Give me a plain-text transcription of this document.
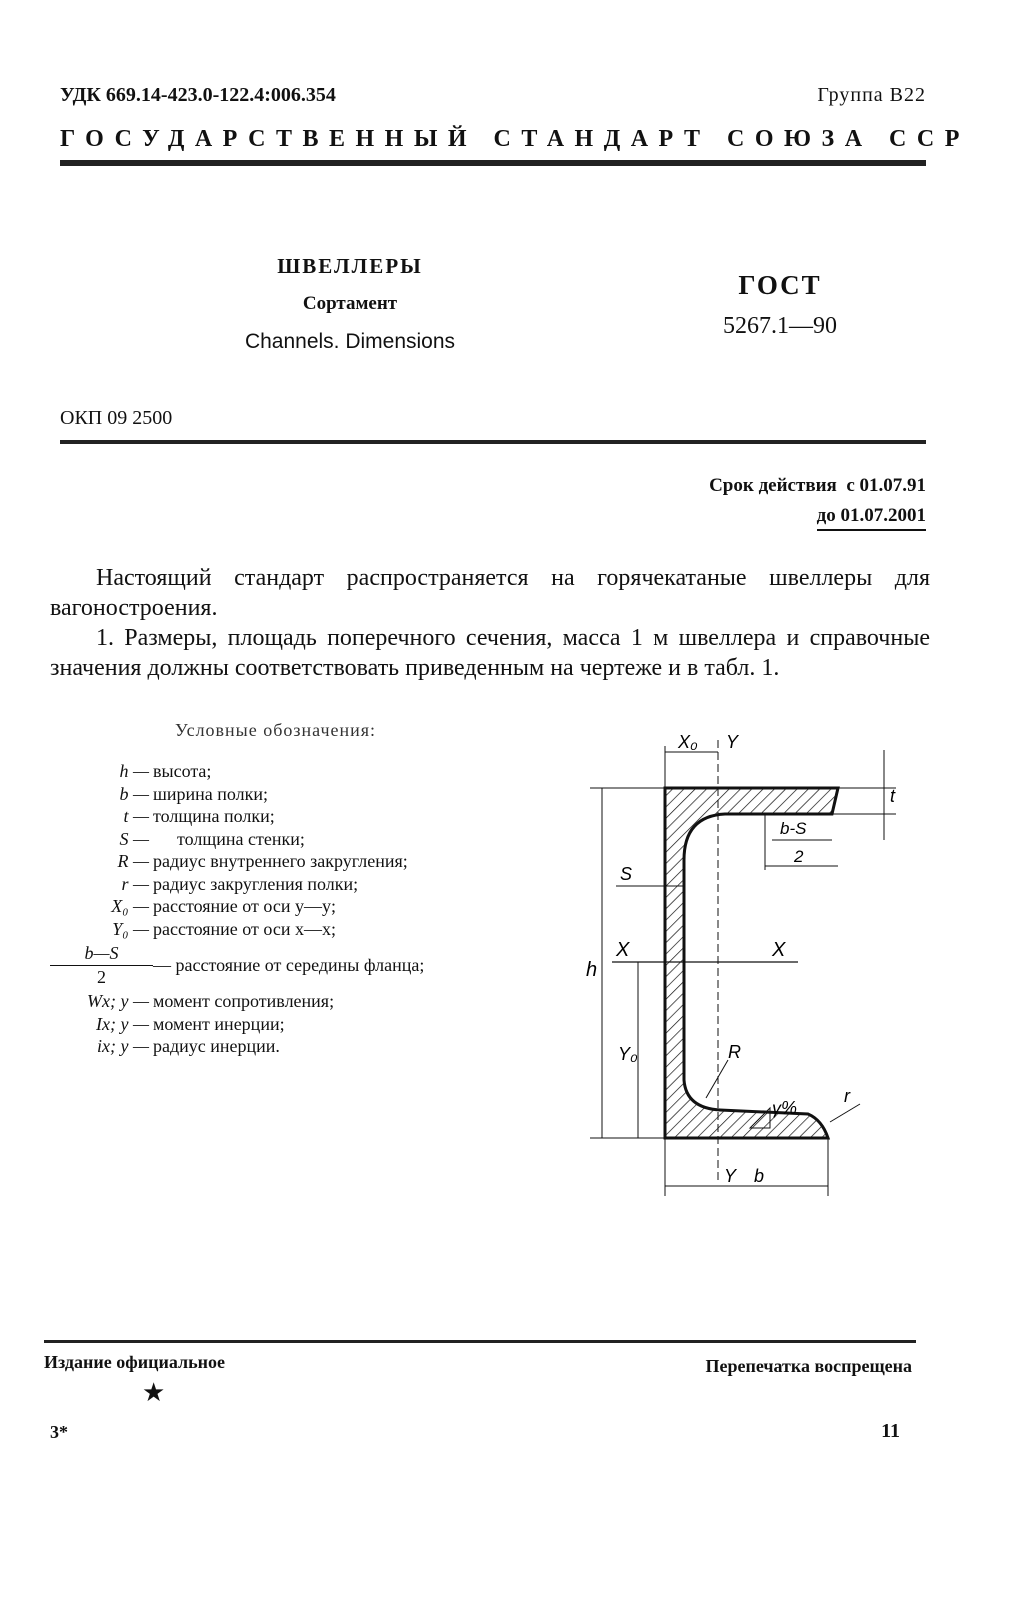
УДК 669.14-423.0-122.4:006.354	Группа В22
ГОСУДАРСТВЕННЫЙ СТАНДАРТ СОЮЗА ССР
ШВЕЛЛЕРЫ
Сортамент
Channels. Dimensions
ГОСТ
5267.1—90
ОКП 09 2500
Срок действия с 01.07.91
до 01.07.2001

Настоящий стандарт распространяется на горячекатаные швеллеры для вагоностроения.

1. Размеры, площадь поперечного сечения, масса 1 м швеллера и справочные значения должны соответствовать приведенным на чертеже и в табл. 1.

Условные обозначения:
h — высота;
b — ширина полки;
t — толщина полки;
S —	толщина стенки;
R — радиус внутреннего закругления;
r — радиус закругления полки;
X₀ — расстояние от оси y—y;
Y₀ — расстояние от оси x—x;
$\frac{b—S}{2}$ — расстояние от середины фланца;
Wx; y — момент сопротивления;
Ix; y — момент инерции;
ix; y — радиус инерции.
X₀ Y
t
b-S
2
S
X	X
h
Y₀	R
γ%
r
Y b
Издание официальное	Перепечатка воспрещена
★
3*	11
